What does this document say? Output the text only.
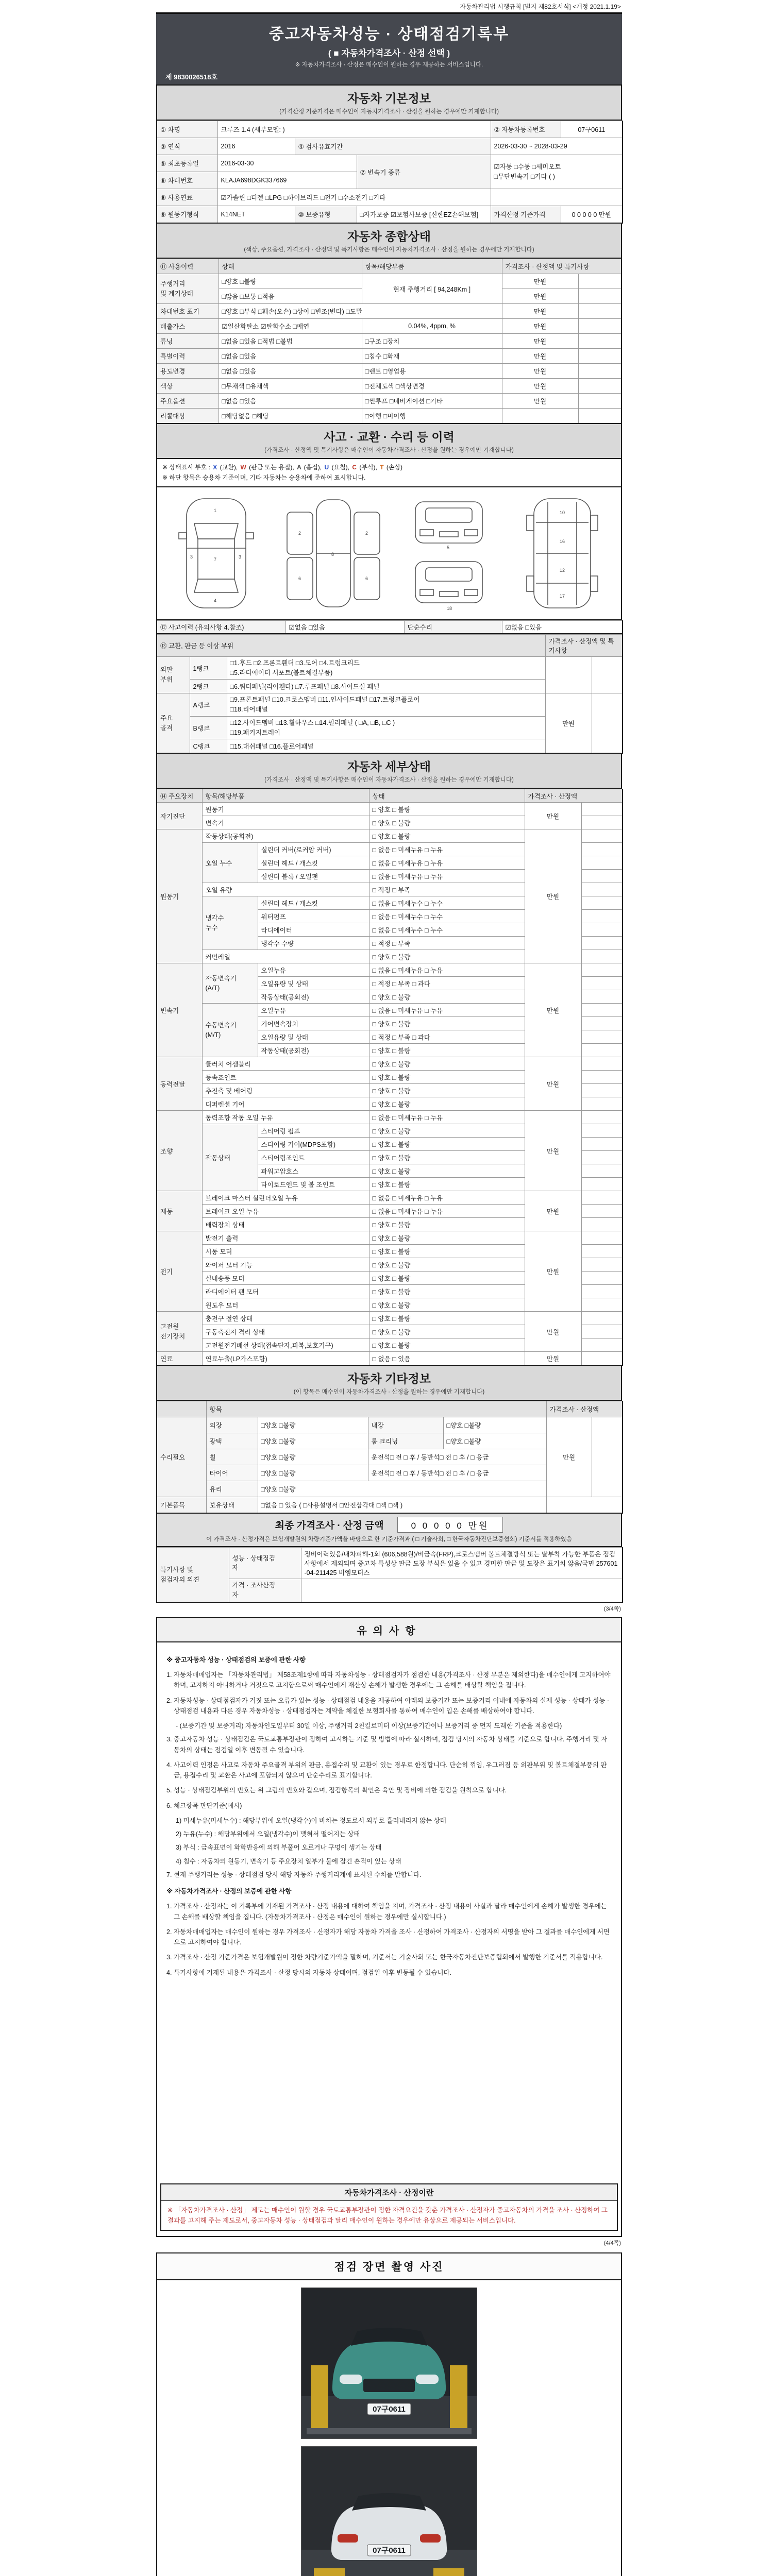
자동차관리법 시행규칙 [별지 제82호서식] <개정 2021.1.19>
중고자동차성능 · 상태점검기록부
( ■ 자동차가격조사 · 산정 선택 )
※ 자동차가격조사 · 산정은 매수인이 원하는 경우 제공하는 서비스입니다.
제 9830026518호
자동차 기본정보
(가격산정 기준가격은 매수인이 자동차가격조사 · 산정을 원하는 경우에만 기재합니다)
① 차명	크루즈 1.4 (세부모델: )			② 자동차등록번호	07구0611
③ 연식	2016	④ 검사유효기간		2026-03-30 ~ 2028-03-29	
⑤ 최초등록일	2016-03-30		⑦ 변속기 종류	☑자동 □수동 □세미오토
□무단변속기 □기타 ( )	

⑥ 차대번호	KLAJA698DGK337669				
⑧ 사용연료	☑가솔린 □디젤 □LPG □하이브리드 □전기 □수소전기 □기타				
⑨ 원동기형식	K14NET	⑩ 보증유형	□자가보증 ☑보험사보증 [신한EZ손해보험]	가격산정 기준가격	0 0 0 0 0 만원
자동차 종합상태
(색상, 주요옵션, 가격조사 · 산정액 및 특기사항은 매수인이 자동차가격조사 · 산정을 원하는 경우에만 기재합니다)
⑪ 사용이력	상태	항목/해당부품	가격조사 · 산정액 및 특기사항	

주행거리
및 계기상태	□양호 □불량	현재 주행거리 [ 94,248Km ]	만원	
	□많음 □보통 □적음		만원	
차대번호 표기	□양호 □부식 □훼손(오손) □상이 □변조(변타) □도말		만원	
배출가스	☑일산화탄소 ☑탄화수소 □매연	0.04%, 4ppm, %	만원	
튜닝	□없음 □있음 □적법 □불법	□구조 □장치	만원	
특별이력	□없음 □있음	□침수 □화재	만원	
용도변경	□없음 □있음	□렌트 □영업용	만원	
색상	□무채색 □유채색	□전체도색 □색상변경	만원	
주요옵션	□없음 □있음	□썬루프 □네비게이션 □기타	만원	
리콜대상	□해당없음 □해당	□이행 □미이행		
사고 · 교환 · 수리 등 이력
(가격조사 · 산정액 및 특기사항은 매수인이 자동차가격조사 · 산정을 원하는 경우에만 기재합니다)
※ 상태표시 부호 : X (교환), W (판금 또는 용접), A (흠집), U (요철), C (부식), T (손상)
※ 하단 항목은 승용차 기준이며, 기타 자동차는 승용차에 준하여 표시합니다.
1
4
3	3
7
2
6
2
6
8
5
18
10
16
12
17
⑫ 사고이력 (유의사항 4.참조)	☑없음 □있음	단순수리	☑없음 □있음
⑬ 교환, 판금 등 이상 부위			가격조사 · 산정액 및 특기사항	

외판
부위
	1랭크	
□1.후드 □2.프론트휀더 □3.도어 □4.트렁크리드
□5.라디에이터 서포트(볼트체결부품)

	2랭크	□6.쿼터패널(리어휀다) □7.루프패널 □8.사이드실 패널		

주요
골격
	A랭크	
□9.프론트패널 □10.크로스멤버 □11.인사이드패널 □17.트렁크플로어
□18.리어패널
	만원	
	B랭크	□12.사이드멤버 □13.휠하우스 □14.필러패널 ( □A, □B, □C )
□19.패키지트레이		

	C랭크	□15.대쉬패널 □16.플로어패널		
자동차 세부상태
(가격조사 · 산정액 및 특기사항은 매수인이 자동차가격조사 · 산정을 원하는 경우에만 기재합니다)
⑭ 주요장치	항목/해당부품		상태	가격조사 · 산정액	
자기진단	원동기		□ 양호 □ 불량	만원	
	변속기		□ 양호 □ 불량		
원동기	작동상태(공회전)		□ 양호 □ 불량	만원	
	오일 누수	실린더 커버(로커암 커버)	□ 없음 □ 미세누유 □ 누유		
		실린더 헤드 / 개스킷	□ 없음 □ 미세누유 □ 누유		
		실린더 블록 / 오일팬	□ 없음 □ 미세누유 □ 누유		
	오일 유량		□ 적정 □ 부족		

	냉각수
누수	실린더 헤드 / 개스킷	□ 없음 □ 미세누수 □ 누수		
		워터펌프	□ 없음 □ 미세누수 □ 누수		
		라디에이터	□ 없음 □ 미세누수 □ 누수		
		냉각수 수량	□ 적정 □ 부족		
	커먼레일		□ 양호 □ 불량		
변속기	자동변속기
(A/T)	오일누유	□ 없음 □ 미세누유 □ 누유	만원	
		오일유량 및 상태	□ 적정 □ 부족 □ 과다		
		작동상태(공회전)	□ 양호 □ 불량		

	수동변속기
(M/T)	오일누유	□ 없음 □ 미세누유 □ 누유		
		기어변속장치	□ 양호 □ 불량		
		오일유량 및 상태	□ 적정 □ 부족 □ 과다		
		작동상태(공회전)	□ 양호 □ 불량		
동력전달	클러치 어셈블리		□ 양호 □ 불량	만원	
	등속죠인트		□ 양호 □ 불량		
	추진축 및 베어링		□ 양호 □ 불량		
	디퍼렌셜 기어		□ 양호 □ 불량		
조향	동력조향 작동 오일 누유		□ 없음 □ 미세누유 □ 누유	만원	
	작동상태	스티어링 펌프	□ 양호 □ 불량		
		스티어링 기어(MDPS포함)	□ 양호 □ 불량		
		스티어링조인트	□ 양호 □ 불량		
		파워고압호스	□ 양호 □ 불량		
		타이로드엔드 및 볼 조인트	□ 양호 □ 불량		
제동	브레이크 마스터 실린더오일 누유		□ 없음 □ 미세누유 □ 누유	만원	
	브레이크 오일 누유		□ 없음 □ 미세누유 □ 누유		
	배력장치 상태		□ 양호 □ 불량		
전기	발전기 출력		□ 양호 □ 불량	만원	
	시동 모터		□ 양호 □ 불량		
	와이퍼 모터 기능		□ 양호 □ 불량		
	실내송풍 모터		□ 양호 □ 불량		
	라디에이터 팬 모터		□ 양호 □ 불량		
	윈도우 모터		□ 양호 □ 불량		

고전원
전기장치	충전구 절연 상태		□ 양호 □ 불량	만원	
	구동축전지 격리 상태		□ 양호 □ 불량		
	고전원전기배선 상태(접속단자,피복,보호기구)		□ 양호 □ 불량		
연료	연료누출(LP가스포함)		□ 없음 □ 있음	만원	
자동차 기타정보
(이 항목은 매수인이 자동차가격조사 · 산정을 원하는 경우에만 기재합니다)
	항목				가격조사 · 산정액	
수리필요	외장	□양호 □불량	내장	□양호 □불량	만원	
	광택	□양호 □불량	룸 크리닝	□양호 □불량		
	휠	□양호 □불량	운전석□ 전 □ 후 / 동반석□ 전 □ 후 / □ 응급			
	타이어	□양호 □불량	운전석□ 전 □ 후 / 동반석□ 전 □ 후 / □ 응급			
	유리	□양호 □불량				
기본품목	보유상태	□없음 □ 있음 ( □사용설명서 □안전삼각대 □잭 □잭 )				
최종 가격조사 · 산정 금액	0 0 0 0 0 만원
이 가격조사 · 산정가격은 보험개발원의 차량기준가액을 바탕으로 한 기준가격과 ( □ 기술사회, □ 한국자동차진단보증협회) 기준서를 적용하였음
특기사항 및
점검자의 의견

성능 · 상태점검
자
	정비이력있음/내차피해-1회 (606,588원)/비금속(FRP),크로스멤버 볼트체결방식 또는 탈부착 가능한 부품은 점검사항에서 제외되며 중고차 특성상 판금 도장 부식은 있을 수 있고 경미한 판금 및 도장은 표기치 않음/국민 257601-04-211425 비엠모터스

	가격 · 조사산정
자	

(3/4쪽)
유의사항
※ 중고자동차 성능 · 상태점검의 보증에 관한 사항
1. 자동차매매업자는 「자동차관리법」 제58조제1항에 따라 자동차성능 · 상태점검자가 점검한 내용(가격조사 · 산정 부분은 제외한다)을 매수인에게 고지하여야 하며, 고지하지 아니하거나 거짓으로 고지함으로써 매수인에게 재산상 손해가 발생한 경우에는 그 손해를 배상할 책임을 집니다.
2. 자동차성능 · 상태점검자가 거짓 또는 오류가 있는 성능 · 상태점검 내용을 제공하여 아래의 보증기간 또는 보증거리 이내에 자동차의 실제 성능 · 상태가 성능 · 상태점검 내용과 다른 경우 자동차성능 · 상태점검자는 계약을 체결한 보험회사를 통하여 매수인이 입은 손해를 배상하여야 합니다.
- (보증기간 및 보증거리) 자동차인도일부터 30일 이상, 주행거리 2천킬로미터 이상(보증기간이나 보증거리 중 먼저 도래한 기준을 적용한다)
3. 중고자동차 성능 · 상태점검은 국토교통부장관이 정하여 고시하는 기준 및 방법에 따라 실시하며, 점검 당시의 자동차 상태를 기준으로 합니다. 주행거리 및 자동차의 상태는 점검일 이후 변동될 수 있습니다.
4. 사고이력 인정은 사고로 자동차 주요골격 부위의 판금, 용접수리 및 교환이 있는 경우로 한정합니다. 단순히 꺾임, 우그러짐 등 외판부위 및 볼트체결부품의 판금, 용접수리 및 교환은 사고에 포함되지 않으며 단순수리로 표기합니다.
5. 성능 · 상태점검부위의 번호는 위 그림의 번호와 같으며, 점검항목의 확인은 육안 및 장비에 의한 점검을 원칙으로 합니다.
6. 체크항목 판단기준(예시)
1) 미세누유(미세누수) : 해당부위에 오일(냉각수)이 비치는 정도로서 외부로 흘러내리지 않는 상태
2) 누유(누수) : 해당부위에서 오일(냉각수)이 맺혀서 떨어지는 상태
3) 부식 : 금속표면이 화학반응에 의해 부풀어 오르거나 구멍이 생기는 상태
4) 침수 : 자동차의 원동기, 변속기 등 주요장치 일부가 물에 잠긴 흔적이 있는 상태
7. 현재 주행거리는 성능 · 상태점검 당시 해당 자동차 주행거리계에 표시된 수치를 말합니다.
※ 자동차가격조사 · 산정의 보증에 관한 사항
1. 가격조사 · 산정자는 이 기록부에 기재된 가격조사 · 산정 내용에 대하여 책임을 지며, 가격조사 · 산정 내용이 사실과 달라 매수인에게 손해가 발생한 경우에는 그 손해를 배상할 책임을 집니다. (자동차가격조사 · 산정은 매수인이 원하는 경우에만 실시합니다.)
2. 자동차매매업자는 매수인이 원하는 경우 가격조사 · 산정자가 해당 자동차 가격을 조사 · 산정하여 가격조사 · 산정자의 서명을 받아 그 결과를 매수인에게 서면으로 고지하여야 합니다.
3. 가격조사 · 산정 기준가격은 보험개발원이 정한 차량기준가액을 말하며, 기준서는 기술사회 또는 한국자동차진단보증협회에서 발행한 기준서를 적용합니다.
4. 특기사항에 기재된 내용은 가격조사 · 산정 당시의 자동차 상태이며, 점검일 이후 변동될 수 있습니다.
자동차가격조사 · 산정이란
※ 「자동차가격조사 · 산정」 제도는 매수인이 원할 경우 국토교통부장관이 정한 자격요건을 갖춘 가격조사 · 산정자가 중고자동차의 가격을 조사 · 산정하여 그 결과를 고지해 주는 제도로서, 중고자동차 성능 · 상태점검과 달리 매수인이 원하는 경우에만 유상으로 제공되는 서비스입니다.
(4/4쪽)
점검 장면 촬영 사진
07구0611
07구0611
